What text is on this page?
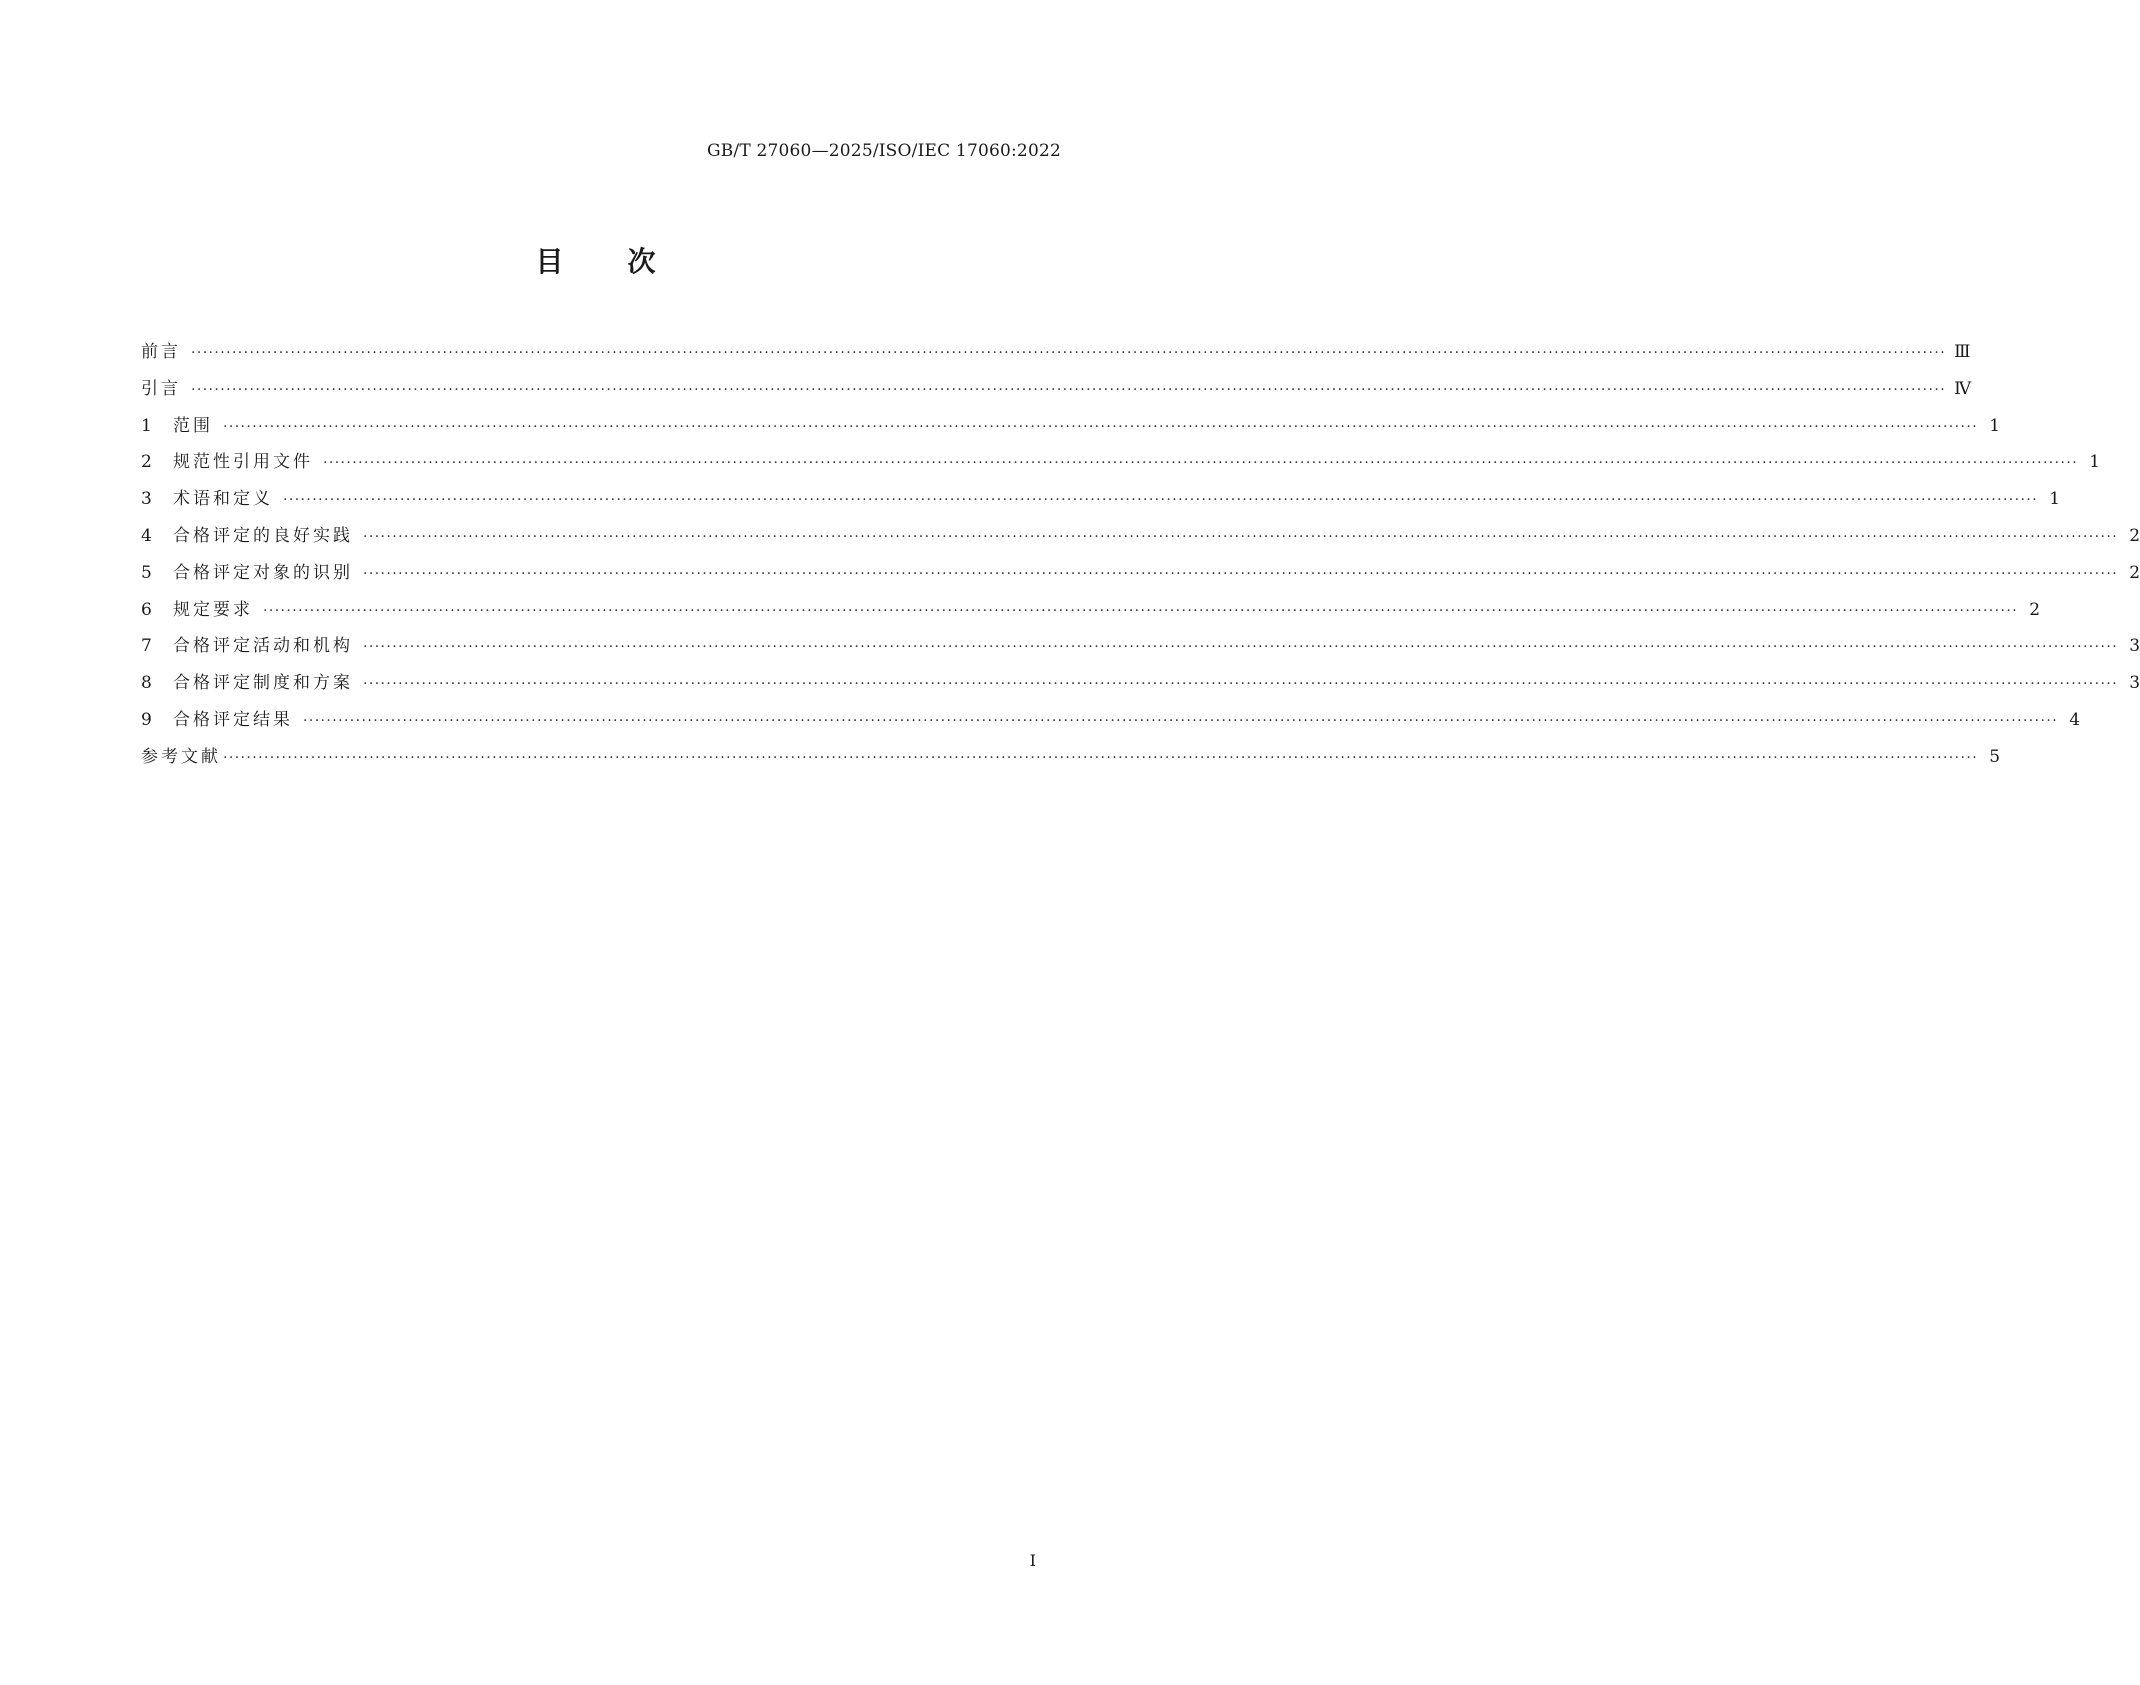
GB/T 27060—2025/ISO/IEC 17060:2022
目次
前言 ············································································································································································································································································································ Ⅲ
引言 ············································································································································································································································································································ Ⅳ
1	范围 ············································································································································································································································································································ 1
2	规范性引用文件 ············································································································································································································································································································ 1
3	术语和定义 ············································································································································································································································································································ 1
4	合格评定的良好实践 ············································································································································································································································································································ 2
5	合格评定对象的识别 ············································································································································································································································································································ 2
6	规定要求 ············································································································································································································································································································ 2
7	合格评定活动和机构 ············································································································································································································································································································ 3
8	合格评定制度和方案 ············································································································································································································································································································ 3
9	合格评定结果 ············································································································································································································································································································ 4
参考文献 ············································································································································································································································································································ 5
Ⅰ
